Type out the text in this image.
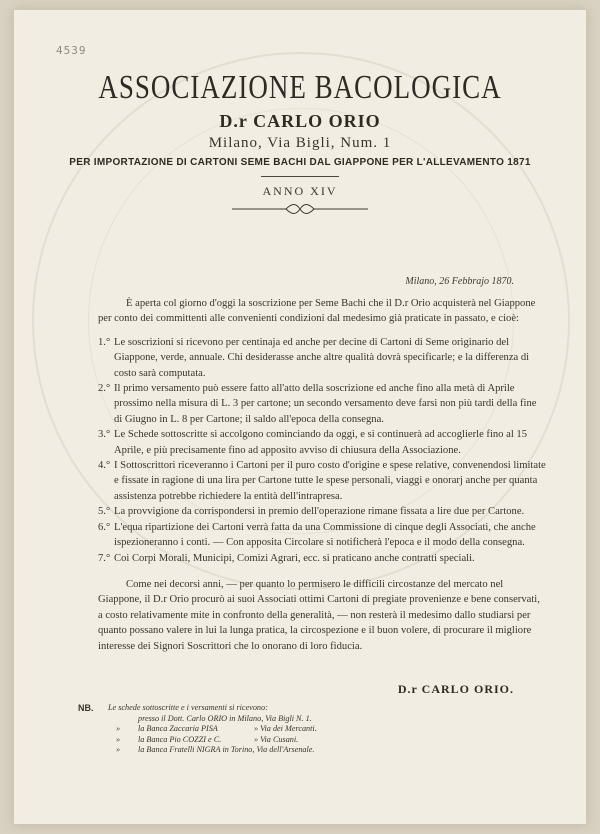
4539
ASSOCIAZIONE BACOLOGICA
D.r CARLO ORIO
Milano, Via Bigli, Num. 1
PER IMPORTAZIONE DI CARTONI SEME BACHI DAL GIAPPONE PER L'ALLEVAMENTO 1871
ANNO XIV
Milano, 26 Febbrajo 1870.

È aperta col giorno d'oggi la soscrizione per Seme Bachi che il D.r Orio acquisterà nel Giappone per conto dei committenti alle convenienti condizioni dal medesimo già praticate in passato, e cioè:

1.° Le soscrizioni si ricevono per centinaja ed anche per decine di Cartoni di Seme originario del Giappone, verde, annuale. Chi desiderasse anche altre qualità dovrà specificarle; e la differenza di costo sarà computata.
2.° Il primo versamento può essere fatto all'atto della soscrizione ed anche fino alla metà di Aprile prossimo nella misura di L. 3 per cartone; un secondo versamento deve farsi non più tardi della fine di Giugno in L. 8 per Cartone; il saldo all'epoca della consegna.
3.° Le Schede sottoscritte si accolgono cominciando da oggi, e si continuerà ad accoglierle fino al 15 Aprile, e più precisamente fino ad apposito avviso di chiusura della Associazione.
4.° I Sottoscrittori riceveranno i Cartoni per il puro costo d'origine e spese relative, convenendosi limitate e fissate in ragione di una lira per Cartone tutte le spese personali, viaggi e onorarj anche per quanta assistenza potrebbe richiedere la entità dell'intrapresa.
5.° La provvigione da corrispondersi in premio dell'operazione rimane fissata a lire due per Cartone.
6.° L'equa ripartizione dei Cartoni verrà fatta da una Commissione di cinque degli Associati, che anche ispezioneranno i conti. — Con apposita Circolare si notificherà l'epoca e il modo della consegna.
7.° Coi Corpi Morali, Municipi, Comizi Agrari, ecc. si praticano anche contratti speciali.

Come nei decorsi anni, — per quanto lo permisero le difficili circostanze del mercato nel Giappone, il D.r Orio procurò ai suoi Associati ottimi Cartoni di pregiate provenienze e bene conservati, a costo relativamente mite in confronto della generalità, — non resterà il medesimo dallo studiarsi per quanto possano valere in lui la lunga pratica, la circospezione e il buon volere, di procurare il migliore interesse dei Signori Soscrittori che lo onorano di loro fiducia.

D.r CARLO ORIO.
NB.	Le schede sottoscritte e i versamenti si ricevono:
presso il Dott. Carlo ORIO in Milano, Via Bigli N. 1.
»	la Banca Zaccaria PISA	» Via dei Mercanti.
»	la Banca Pio COZZI e C.	» Via Cusani.
»	la Banca Fratelli NIGRA in Torino, Via dell'Arsenale.
